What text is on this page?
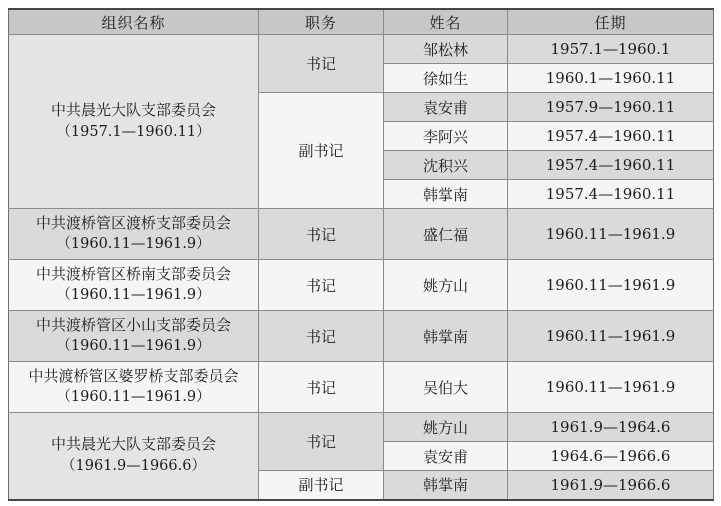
组织名称	职务	姓名	任期

中共晨光大队支部委员会
（1957.1—1960.11）	书记	邹松林	1957.1—1960.1
		徐如生	1960.1—1960.11
	副书记	袁安甫	1957.9—1960.11
		李阿兴	1957.4—1960.11
		沈积兴	1957.4—1960.11
		韩掌南	1957.4—1960.11

中共渡桥管区渡桥支部委员会
（1960.11—1961.9）	书记	盛仁福	1960.11—1961.9

中共渡桥管区桥南支部委员会
（1960.11—1961.9）	书记	姚方山	1960.11—1961.9

中共渡桥管区小山支部委员会
（1960.11—1961.9）	书记	韩掌南	1960.11—1961.9

中共渡桥管区婆罗桥支部委员会
（1960.11—1961.9）	书记	吴伯大	1960.11—1961.9

中共晨光大队支部委员会
（1961.9—1966.6）	书记	姚方山	1961.9—1964.6
		袁安甫	1964.6—1966.6
	副书记	韩掌南	1961.9—1966.6
